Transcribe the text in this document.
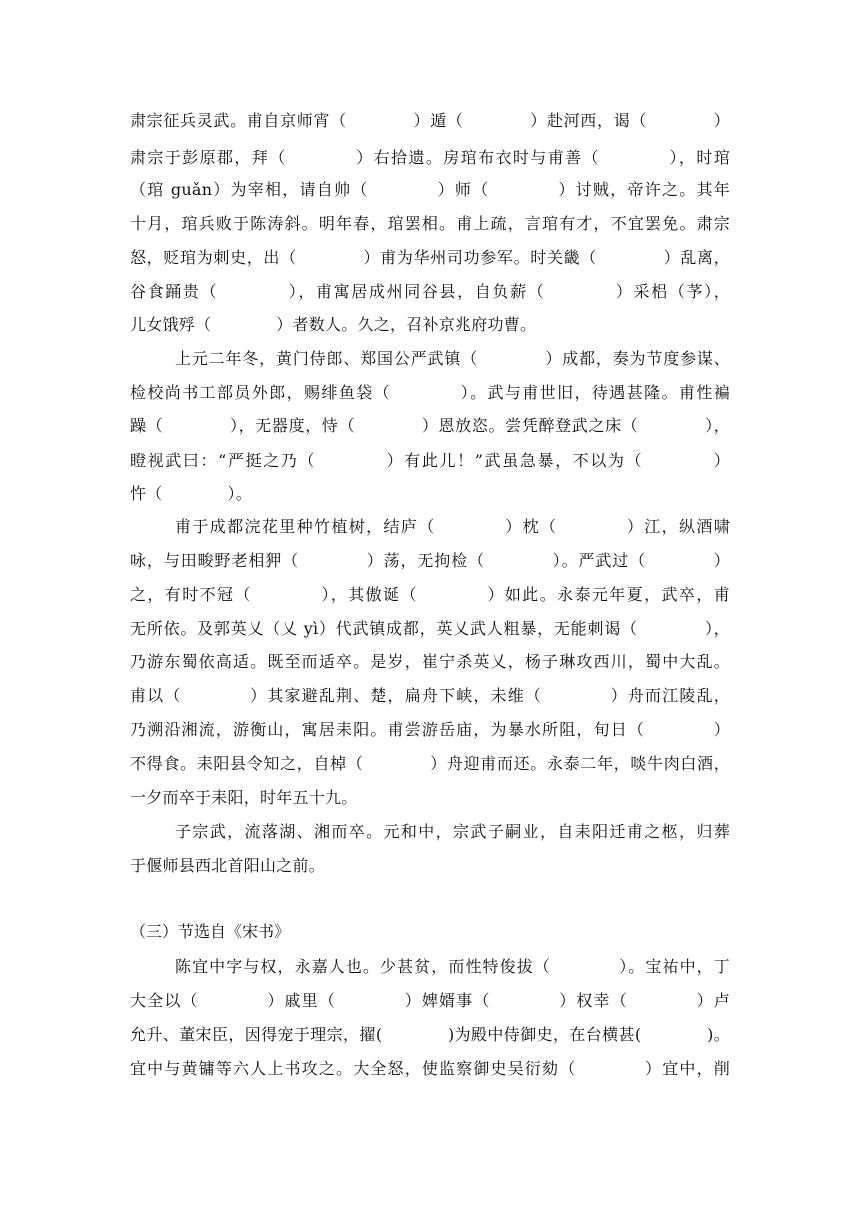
肃宗征兵灵武。甫自京师宵（　　　　）遁（　　　　）赴河西，谒（　　　　）
肃宗于彭原郡，拜（　　　　）右拾遗。房琯布衣时与甫善（　　　　），时琯
（琯 guǎn）为宰相，请自帅（　　　　）师（　　　　）讨贼，帝许之。其年
十月，琯兵败于陈涛斜。明年春，琯罢相。甫上疏，言琯有才，不宜罢免。肃宗
怒，贬琯为刺史，出（　　　　）甫为华州司功参军。时关畿（　　　　）乱离，
谷食踊贵（　　　　），甫寓居成州同谷县，自负薪（　　　　）采梠（芧），
儿女饿殍（　　　　）者数人。久之，召补京兆府功曹。
上元二年冬，黄门侍郎、郑国公严武镇（　　　　）成都，奏为节度参谋、
检校尚书工部员外郎，赐绯鱼袋（　　　　）。武与甫世旧，待遇甚隆。甫性褊
躁（　　　　），无器度，恃（　　　　）恩放恣。尝凭醉登武之床（　　　　），
瞪视武曰：“严挺之乃（　　　　）有此儿！”武虽急暴，不以为（　　　　）
忤（　　　　）。
甫于成都浣花里种竹植树，结庐（　　　　）枕（　　　　）江，纵酒啸
咏，与田畯野老相狎（　　　　）荡，无拘检（　　　　）。严武过（　　　　）
之，有时不冠（　　　　），其傲诞（　　　　）如此。永泰元年夏，武卒，甫
无所依。及郭英乂（乂 yì）代武镇成都，英乂武人粗暴，无能刺谒（　　　　），
乃游东蜀依高适。既至而适卒。是岁，崔宁杀英乂，杨子琳攻西川，蜀中大乱。
甫以（　　　　）其家避乱荆、楚，扁舟下峡，未维（　　　　）舟而江陵乱，
乃溯沿湘流，游衡山，寓居耒阳。甫尝游岳庙，为暴水所阻，旬日（　　　　）
不得食。耒阳县令知之，自棹（　　　　）舟迎甫而还。永泰二年，啖牛肉白酒，
一夕而卒于耒阳，时年五十九。
子宗武，流落湖、湘而卒。元和中，宗武子嗣业，自耒阳迁甫之柩，归葬
于偃师县西北首阳山之前。
（三）节选自《宋书》
陈宜中字与权，永嘉人也。少甚贫，而性特俊拔（　　　　）。宝祐中，丁
大全以（　　　　）戚里（　　　　）婢婿事（　　　　）权幸（　　　　）卢
允升、董宋臣，因得宠于理宗，擢(　　　　)为殿中侍御史，在台横甚(　　　　)。
宜中与黄镛等六人上书攻之。大全怒，使监察御史吴衍劾（　　　　）宜中，削
